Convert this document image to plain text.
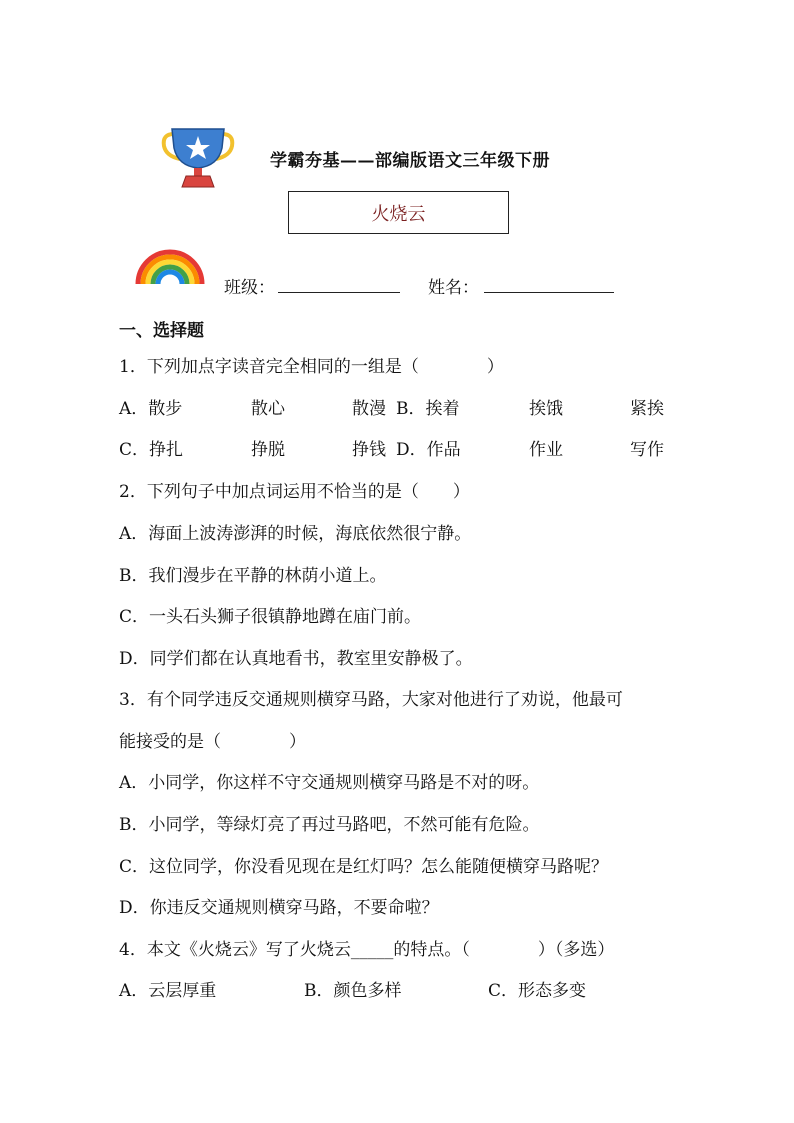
学霸夯基——部编版语文三年级下册
火烧云
班级：	姓名：
一、选择题
1．下列加点字读音完全相同的一组是（　　　　）
A．散步	散心	散漫 B．挨着	挨饿	紧挨
C．挣扎	挣脱	挣钱 D．作品	作业	写作
2．下列句子中加点词运用不恰当的是（　　）
A．海面上波涛澎湃的时候，海底依然很宁静。
B．我们漫步在平静的林荫小道上。
C．一头石头狮子很镇静地蹲在庙门前。
D．同学们都在认真地看书，教室里安静极了。
3．有个同学违反交通规则横穿马路，大家对他进行了劝说，他最可
能接受的是（　　　　）
A．小同学，你这样不守交通规则横穿马路是不对的呀。
B．小同学，等绿灯亮了再过马路吧，不然可能有危险。
C．这位同学，你没看见现在是红灯吗？怎么能随便横穿马路呢？
D．你违反交通规则横穿马路，不要命啦？
4．本文《火烧云》写了火烧云_____的特点。（　　　　）（多选）
A．云层厚重	B．颜色多样	C．形态多变
